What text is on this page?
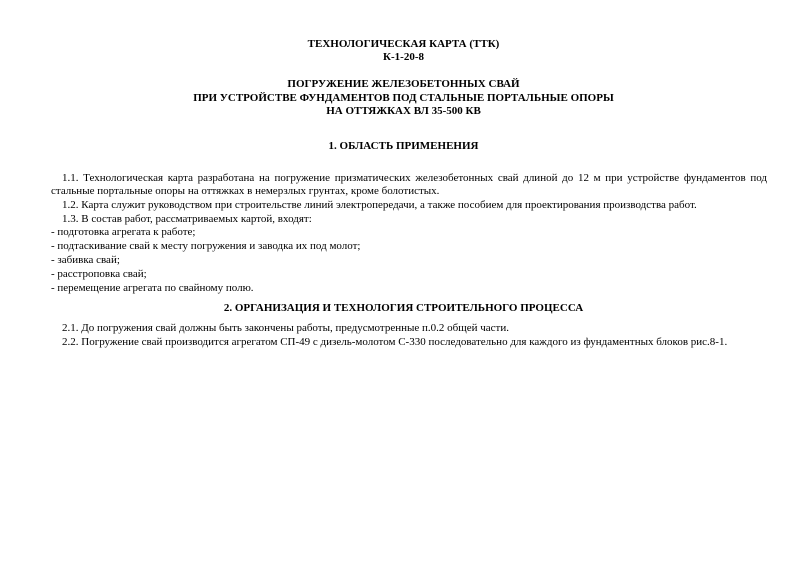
ТЕХНОЛОГИЧЕСКАЯ КАРТА (ТТК)
К-1-20-8
ПОГРУЖЕНИЕ ЖЕЛЕЗОБЕТОННЫХ СВАЙ
ПРИ УСТРОЙСТВЕ ФУНДАМЕНТОВ ПОД СТАЛЬНЫЕ ПОРТАЛЬНЫЕ ОПОРЫ
НА ОТТЯЖКАХ ВЛ 35-500 КВ
1. ОБЛАСТЬ ПРИМЕНЕНИЯ
1.1. Технологическая карта разработана на погружение призматических железобетонных свай длиной до 12 м при устройстве фундаментов под стальные портальные опоры на оттяжках в немерзлых грунтах, кроме болотистых.
1.2. Карта служит руководством при строительстве линий электропередачи, а также пособием для проектирования производства работ.
1.3. В состав работ, рассматриваемых картой, входят:
- подготовка агрегата к работе;
- подтаскивание свай к месту погружения и заводка их под молот;
- забивка свай;
- расстроповка свай;
- перемещение агрегата по свайному полю.
2. ОРГАНИЗАЦИЯ И ТЕХНОЛОГИЯ СТРОИТЕЛЬНОГО ПРОЦЕССА
2.1. До погружения свай должны быть закончены работы, предусмотренные п.0.2 общей части.
2.2. Погружение свай производится агрегатом СП-49 с дизель-молотом С-330 последовательно для каждого из фундаментных блоков рис.8-1.
